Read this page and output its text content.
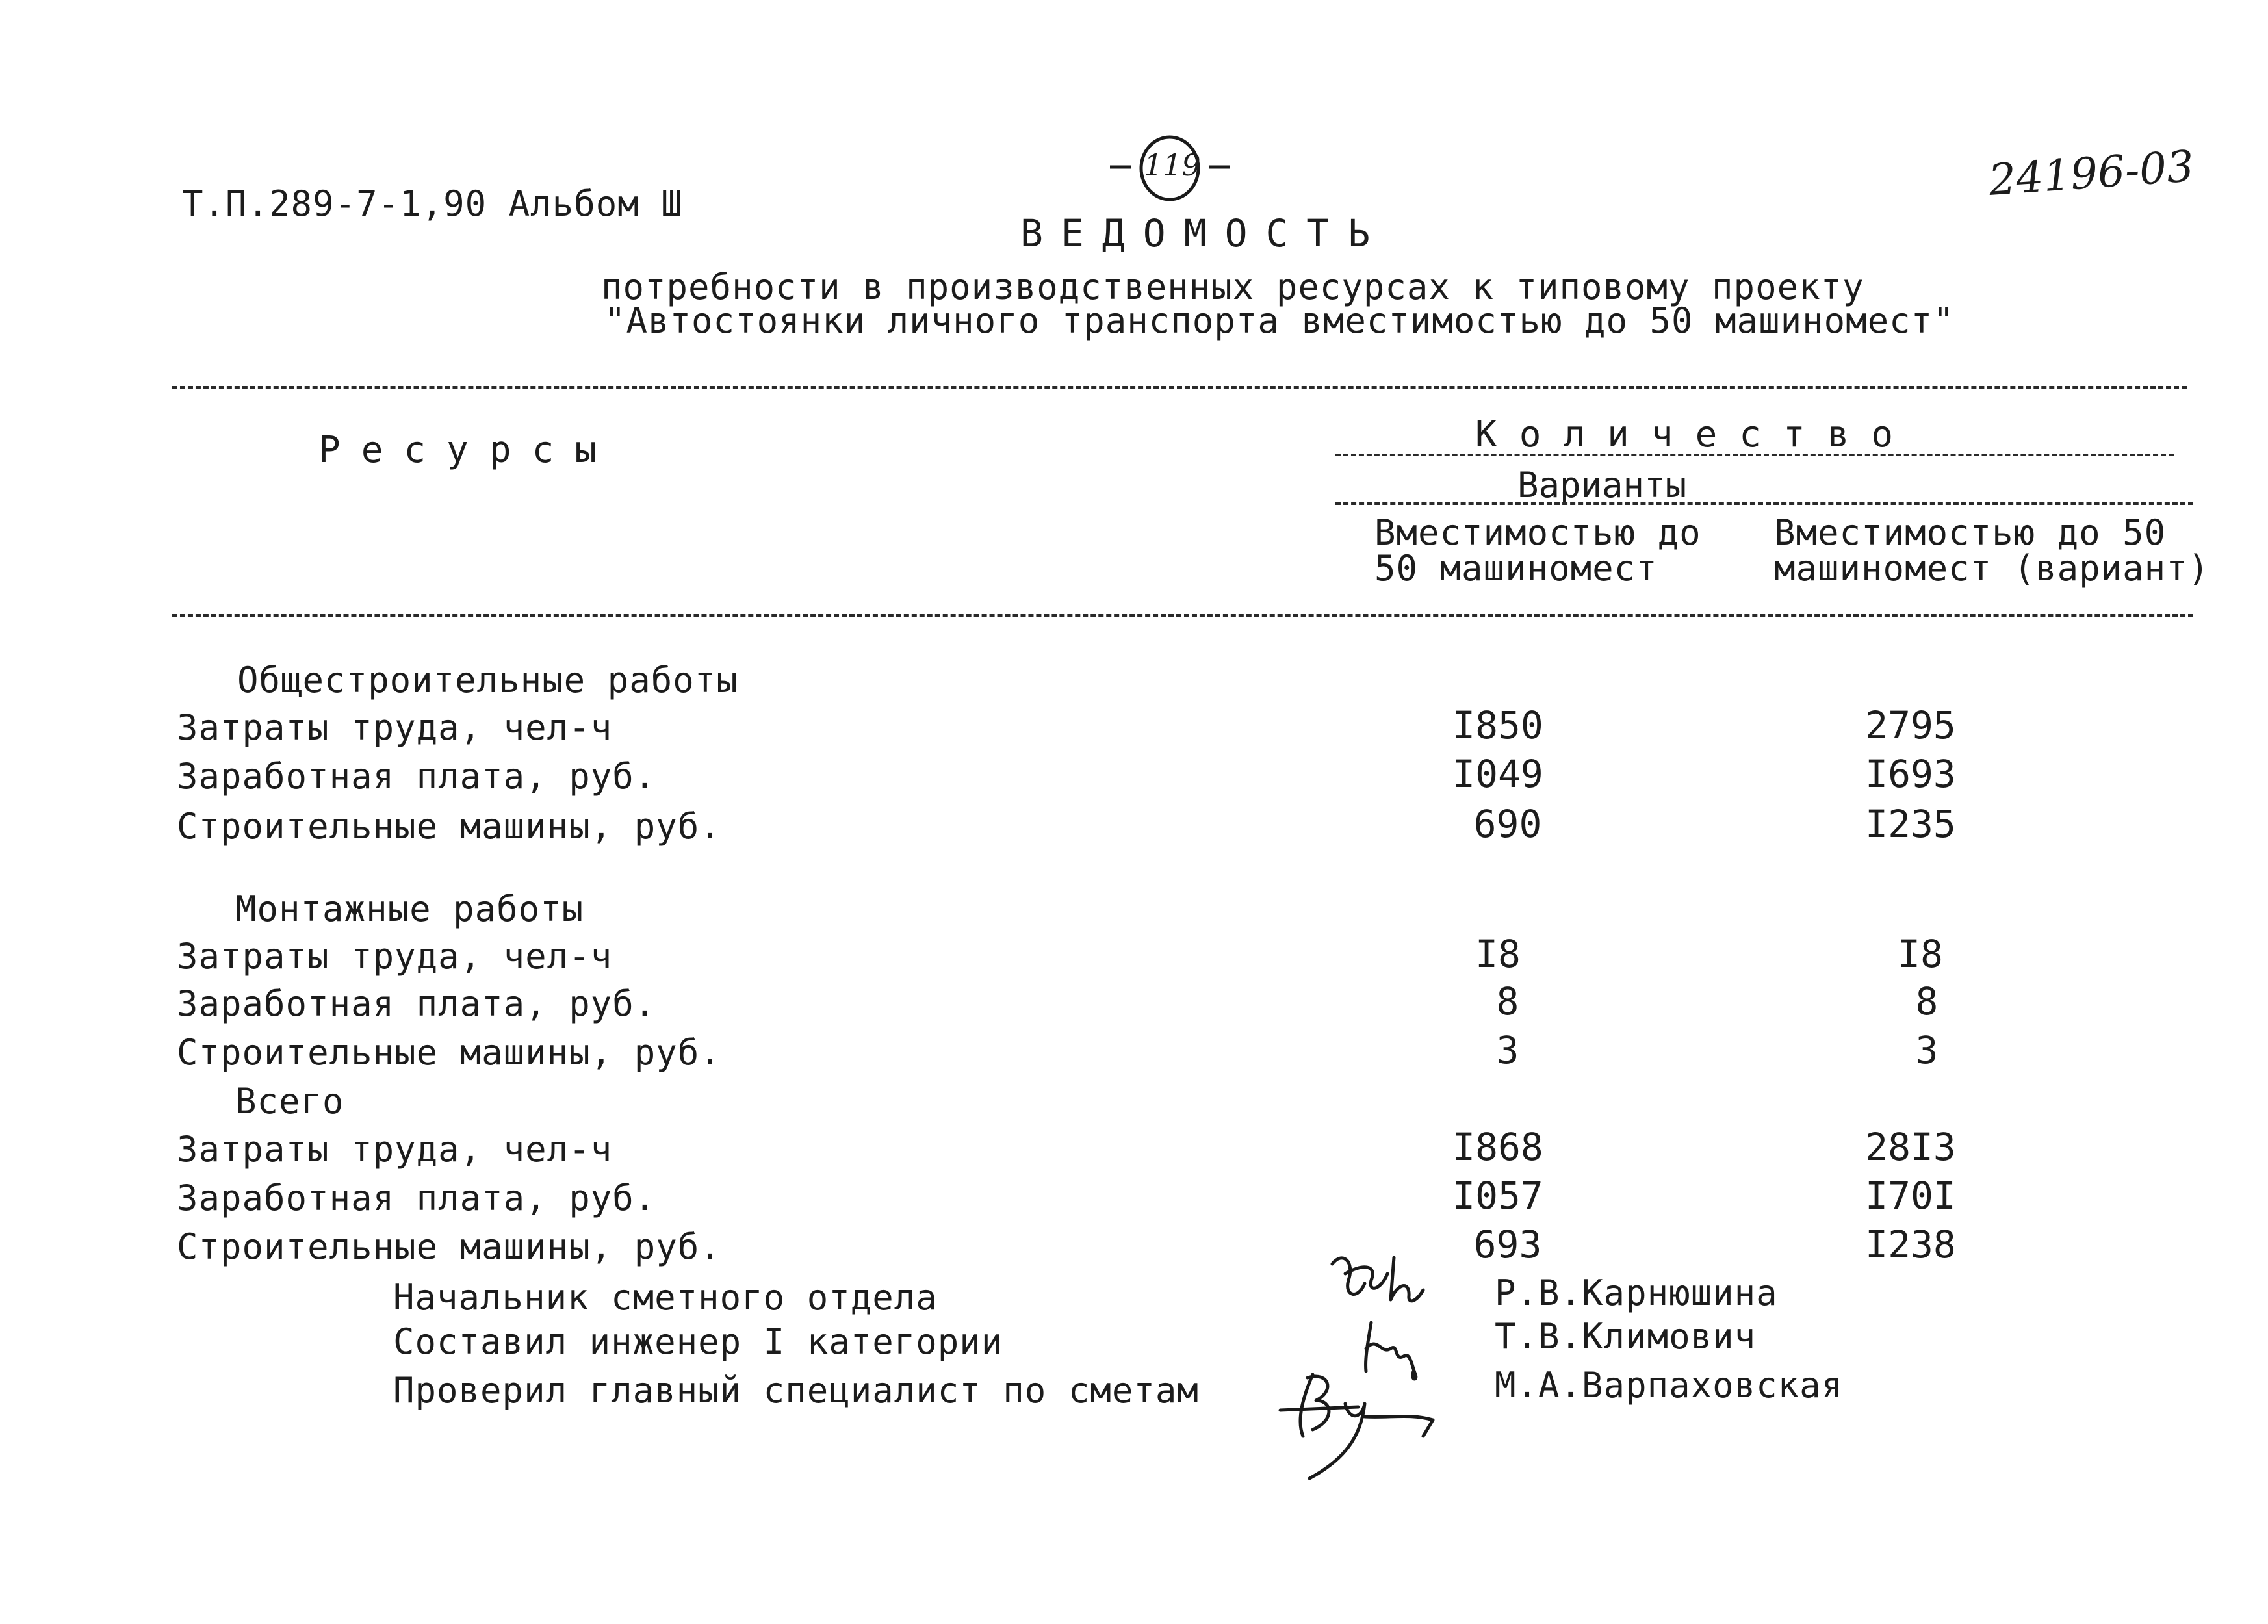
Т.П.289-7-1,90 Альбом Ш
119	24196-03
ВЕДОМОСТЬ
потребности в производственных ресурсах к типовому проекту
"Автостоянки личного транспорта вместимостью до 50 машиномест"
Ресурсы	Количество
Варианты
Вместимостью до
50 машиномест
Вместимостью до 50
машиномест (вариант)
Общестроительные работы
Затраты труда, чел-ч	I850	2795
Заработная плата, руб.	I049	I693
Строительные машины, руб.	690	I235
Монтажные работы
Затраты труда, чел-ч	I8	I8
Заработная плата, руб.	8	8
Строительные машины, руб.	3	3
Всего
Затраты труда, чел-ч	I868	28I3
Заработная плата, руб.	I057	I70I
Строительные машины, руб.	693	I238
Начальник сметного отдела	Р.В.Карнюшина
Составил инженер I категории	Т.В.Климович
Проверил главный специалист по сметам	М.А.Варпаховская
